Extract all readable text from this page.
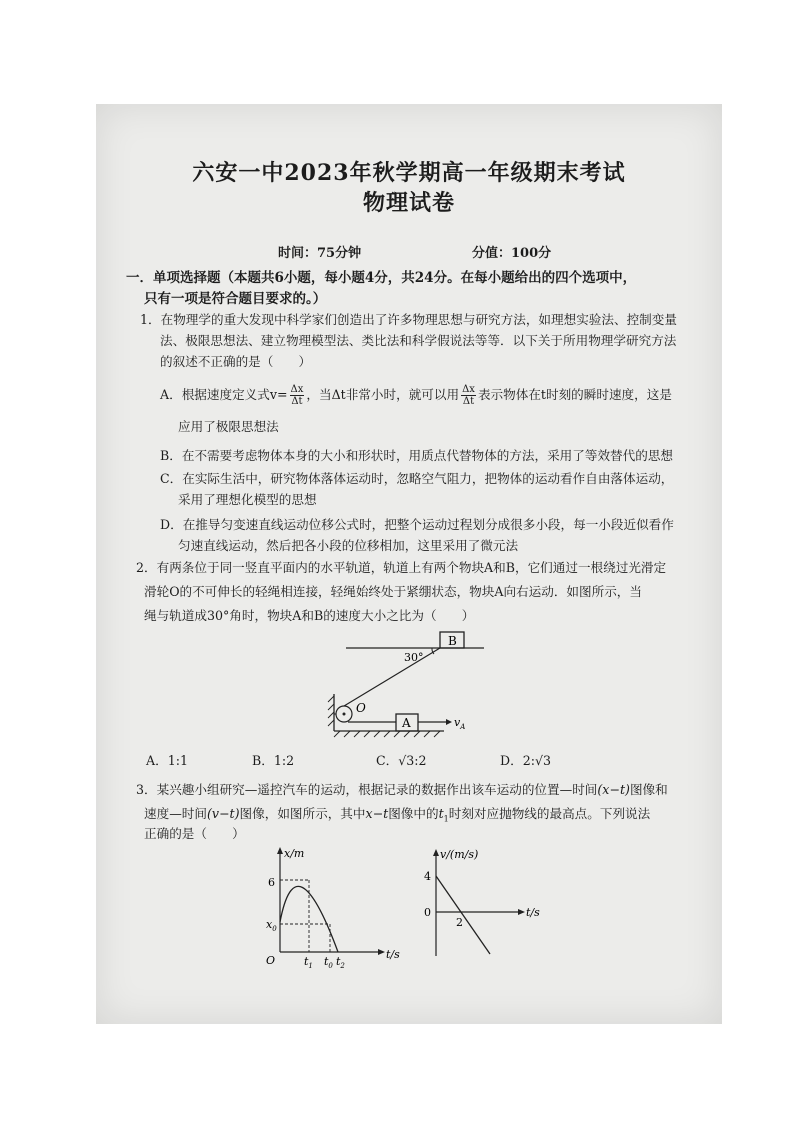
六安一中2023年秋学期高一年级期末考试
物理试卷
时间：75分钟	分值：100分
一．单项选择题（本题共6小题，每小题4分，共24分。在每小题给出的四个选项中，
只有一项是符合题目要求的。）
1．在物理学的重大发现中科学家们创造出了许多物理思想与研究方法，如理想实验法、控制变量
法、极限思想法、建立物理模型法、类比法和科学假说法等等．以下关于所用物理学研究方法
的叙述不正确的是（　　）
A．根据速度定义式$v= \frac{\Delta x}{\Delta t}$ ，当Δt非常小时，就可以用 $\frac{\Delta x}{\Delta t}$ 表示物体在t时刻的瞬时速度，这是
应用了极限思想法
B．在不需要考虑物体本身的大小和形状时，用质点代替物体的方法，采用了等效替代的思想
C．在实际生活中，研究物体落体运动时，忽略空气阻力，把物体的运动看作自由落体运动，
采用了理想化模型的思想
D．在推导匀变速直线运动位移公式时，把整个运动过程划分成很多小段，每一小段近似看作
匀速直线运动，然后把各小段的位移相加，这里采用了微元法
2．有两条位于同一竖直平面内的水平轨道，轨道上有两个物块A和B，它们通过一根绕过光滑定
滑轮O的不可伸长的轻绳相连接，轻绳始终处于紧绷状态，物块A向右运动．如图所示，当
绳与轨道成30°角时，物块A和B的速度大小之比为（　　）
B
30°
O
A	$v_A$
A．1:1	B．1:2	C．√3:2	D．2:√3
3．某兴趣小组研究—遥控汽车的运动，根据记录的数据作出该车运动的位置—时间(x−t)图像和
速度—时间(v−t)图像，如图所示，其中x−t图像中的$t_1$时刻对应抛物线的最高点。下列说法
正确的是（　　）
x/m
6
$x_0$
O	$t_1$ $t_0$ $t_2$
t/s
v/(m/s)
4
0
2
t/s
